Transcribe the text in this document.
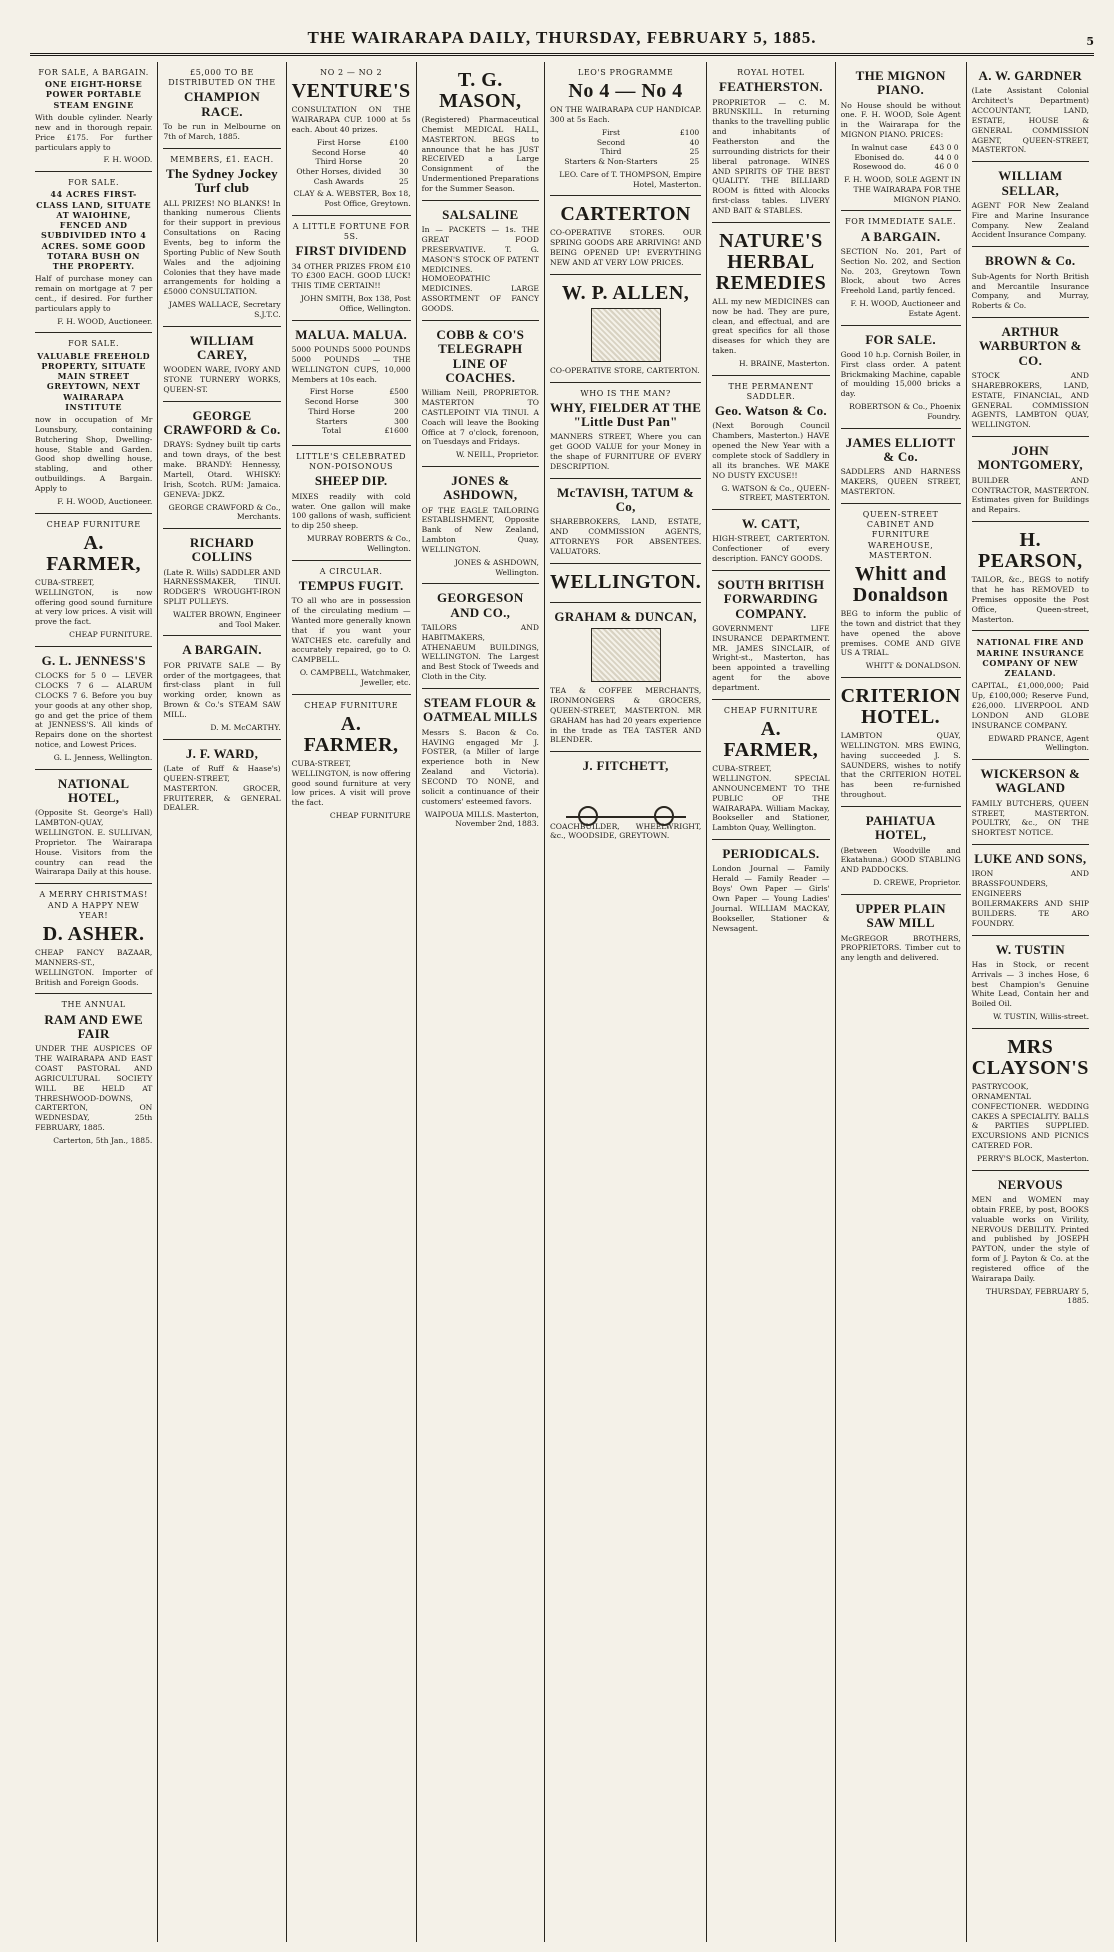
THE WAIRARAPA DAILY, THURSDAY, FEBRUARY 5, 1885.	5
FOR SALE, A BARGAIN.
ONE EIGHT-HORSE POWER PORTABLE STEAM ENGINE
With double cylinder. Nearly new and in thorough repair. Price £175. For further particulars apply to
F. H. WOOD.
FOR SALE.
44 ACRES FIRST-CLASS LAND, SITUATE AT WAIOHINE, FENCED AND SUBDIVIDED INTO 4 ACRES. SOME GOOD TOTARA BUSH ON THE PROPERTY.
Half of purchase money can remain on mortgage at 7 per cent., if desired. For further particulars apply to
F. H. WOOD, Auctioneer.
FOR SALE.
VALUABLE FREEHOLD PROPERTY, SITUATE MAIN STREET GREYTOWN, NEXT WAIRARAPA INSTITUTE
now in occupation of Mr Lounsbury, containing Butchering Shop, Dwelling-house, Stable and Garden. Good shop dwelling house, stabling, and other outbuildings. A Bargain. Apply to
F. H. WOOD, Auctioneer.
CHEAP FURNITURE
A. FARMER,
CUBA-STREET, WELLINGTON, is now offering good sound furniture at very low prices. A visit will prove the fact.
CHEAP FURNITURE.
G. L. JENNESS'S
CLOCKS for 5 0 — LEVER CLOCKS 7 6 — ALARUM CLOCKS 7 6. Before you buy your goods at any other shop, go and get the price of them at JENNESS'S. All kinds of Repairs done on the shortest notice, and Lowest Prices.
G. L. Jenness, Wellington.
NATIONAL HOTEL,
(Opposite St. George's Hall) LAMBTON-QUAY, WELLINGTON. E. SULLIVAN, Proprietor. The Wairarapa House. Visitors from the country can read the Wairarapa Daily at this house.
A MERRY CHRISTMAS! AND A HAPPY NEW YEAR!
D. ASHER.
CHEAP FANCY BAZAAR, MANNERS-ST., WELLINGTON. Importer of British and Foreign Goods.
THE ANNUAL
RAM AND EWE FAIR
UNDER THE AUSPICES OF THE WAIRARAPA AND EAST COAST PASTORAL AND AGRICULTURAL SOCIETY WILL BE HELD AT THRESHWOOD-DOWNS, CARTERTON, ON WEDNESDAY, 25th FEBRUARY, 1885.
Carterton, 5th Jan., 1885.
£5,000 TO BE DISTRIBUTED ON THE
CHAMPION RACE.
To be run in Melbourne on 7th of March, 1885.
MEMBERS, £1. EACH.
The Sydney Jockey Turf club
ALL PRIZES! NO BLANKS! In thanking numerous Clients for their support in previous Consultations on Racing Events, beg to inform the Sporting Public of New South Wales and the adjoining Colonies that they have made arrangements for holding a £5000 CONSULTATION.
JAMES WALLACE, Secretary S.J.T.C.
WILLIAM CAREY,
WOODEN WARE, IVORY AND STONE TURNERY WORKS, QUEEN-ST.
GEORGE CRAWFORD & Co.
DRAYS: Sydney built tip carts and town drays, of the best make. BRANDY: Hennessy, Martell, Otard. WHISKY: Irish, Scotch. RUM: Jamaica. GENEVA: JDKZ.
GEORGE CRAWFORD & Co., Merchants.
RICHARD COLLINS
(Late R. Wills) SADDLER AND HARNESSMAKER, TINUI. RODGER'S WROUGHT-IRON SPLIT PULLEYS.
WALTER BROWN, Engineer and Tool Maker.
A BARGAIN.
FOR PRIVATE SALE — By order of the mortgagees, that first-class plant in full working order, known as Brown & Co.'s STEAM SAW MILL.
D. M. McCARTHY.
J. F. WARD,
(Late of Ruff & Haase's) QUEEN-STREET, MASTERTON. GROCER, FRUITERER, & GENERAL DEALER.
NO 2 — NO 2
VENTURE'S
CONSULTATION ON THE WAIRARAPA CUP. 1000 at 5s each. About 40 prizes.
First Horse	£100
Second Horse	40
Third Horse	20
Other Horses, divided	30
Cash Awards	25
CLAY & A. WEBSTER, Box 18, Post Office, Greytown.
A LITTLE FORTUNE FOR 5S.
FIRST DIVIDEND
34 OTHER PRIZES FROM £10 TO £300 EACH. GOOD LUCK! THIS TIME CERTAIN!!
JOHN SMITH, Box 138, Post Office, Wellington.
MALUA. MALUA.
5000 POUNDS 5000 POUNDS 5000 POUNDS — THE WELLINGTON CUPS, 10,000 Members at 10s each.
First Horse	£500
Second Horse	300
Third Horse	200
Starters	300
Total	£1600
LITTLE'S CELEBRATED NON-POISONOUS
SHEEP DIP.
MIXES readily with cold water. One gallon will make 100 gallons of wash, sufficient to dip 250 sheep.
MURRAY ROBERTS & Co., Wellington.
A CIRCULAR.
TEMPUS FUGIT.
TO all who are in possession of the circulating medium — Wanted more generally known that if you want your WATCHES etc. carefully and accurately repaired, go to O. CAMPBELL.
O. CAMPBELL, Watchmaker, Jeweller, etc.
CHEAP FURNITURE
A. FARMER,
CUBA-STREET, WELLINGTON, is now offering good sound furniture at very low prices. A visit will prove the fact.
CHEAP FURNITURE
T. G. MASON,
(Registered) Pharmaceutical Chemist MEDICAL HALL, MASTERTON. BEGS to announce that he has JUST RECEIVED a Large Consignment of the Undermentioned Preparations for the Summer Season.
SALSALINE
In — PACKETS — 1s. THE GREAT FOOD PRESERVATIVE. T. G. MASON'S STOCK OF PATENT MEDICINES. HOMOEOPATHIC MEDICINES. LARGE ASSORTMENT OF FANCY GOODS.
COBB & CO'S TELEGRAPH LINE OF COACHES.
William Neill, PROPRIETOR. MASTERTON TO CASTLEPOINT VIA TINUI. A Coach will leave the Booking Office at 7 o'clock, forenoon, on Tuesdays and Fridays.
W. NEILL, Proprietor.
JONES & ASHDOWN,
OF THE EAGLE TAILORING ESTABLISHMENT, Opposite Bank of New Zealand, Lambton Quay, WELLINGTON.
JONES & ASHDOWN, Wellington.
GEORGESON AND CO.,
TAILORS AND HABITMAKERS, ATHENAEUM BUILDINGS, WELLINGTON. The Largest and Best Stock of Tweeds and Cloth in the City.
STEAM FLOUR & OATMEAL MILLS
Messrs S. Bacon & Co. HAVING engaged Mr J. FOSTER, (a Miller of large experience both in New Zealand and Victoria). SECOND TO NONE, and solicit a continuance of their customers' esteemed favors.
WAIPOUA MILLS. Masterton, November 2nd, 1883.
LEO'S PROGRAMME
No 4 — No 4
ON THE WAIRARAPA CUP HANDICAP. 300 at 5s Each.
First	£100
Second	40
Third	25
Starters & Non-Starters	25
LEO. Care of T. THOMPSON, Empire Hotel, Masterton.
CARTERTON
CO-OPERATIVE STORES. OUR SPRING GOODS ARE ARRIVING! AND BEING OPENED UP! EVERYTHING NEW AND AT VERY LOW PRICES.
W. P. ALLEN,
CO-OPERATIVE STORE, CARTERTON.
WHO IS THE MAN?
WHY, FIELDER AT THE "Little Dust Pan"
MANNERS STREET, Where you can get GOOD VALUE for your Money in the shape of FURNITURE OF EVERY DESCRIPTION.
McTAVISH, TATUM & Co,
SHAREBROKERS, LAND, ESTATE, AND COMMISSION AGENTS, ATTORNEYS FOR ABSENTEES. VALUATORS.
WELLINGTON.
GRAHAM & DUNCAN,
TEA & COFFEE MERCHANTS, IRONMONGERS & GROCERS, QUEEN-STREET, MASTERTON. MR GRAHAM has had 20 years experience in the trade as TEA TASTER AND BLENDER.
J. FITCHETT,
COACHBUILDER, WHEELWRIGHT, &c., WOODSIDE, GREYTOWN.
ROYAL HOTEL
FEATHERSTON.
PROPRIETOR — C. M. BRUNSKILL. In returning thanks to the travelling public and inhabitants of Featherston and the surrounding districts for their liberal patronage. WINES AND SPIRITS OF THE BEST QUALITY. THE BILLIARD ROOM is fitted with Alcocks first-class tables. LIVERY AND BAIT & STABLES.
NATURE'S HERBAL REMEDIES
ALL my new MEDICINES can now be had. They are pure, clean, and effectual, and are great specifics for all those diseases for which they are taken.
H. BRAINE, Masterton.
THE PERMANENT SADDLER.
Geo. Watson & Co.
(Next Borough Council Chambers, Masterton.) HAVE opened the New Year with a complete stock of Saddlery in all its branches. WE MAKE NO DUSTY EXCUSE!!
G. WATSON & Co., QUEEN-STREET, MASTERTON.
W. CATT,
HIGH-STREET, CARTERTON. Confectioner of every description. FANCY GOODS.
SOUTH BRITISH FORWARDING COMPANY.
GOVERNMENT LIFE INSURANCE DEPARTMENT. MR. JAMES SINCLAIR, of Wright-st., Masterton, has been appointed a travelling agent for the above department.
CHEAP FURNITURE
A. FARMER,
CUBA-STREET, WELLINGTON. SPECIAL ANNOUNCEMENT TO THE PUBLIC OF THE WAIRARAPA. William Mackay, Bookseller and Stationer, Lambton Quay, Wellington.
PERIODICALS.
London Journal — Family Herald — Family Reader — Boys' Own Paper — Girls' Own Paper — Young Ladies' Journal. WILLIAM MACKAY, Bookseller, Stationer & Newsagent.
THE MIGNON PIANO.
No House should be without one. F. H. WOOD, Sole Agent in the Wairarapa for the MIGNON PIANO. PRICES:
In walnut case	£43 0 0
Ebonised do.	44 0 0
Rosewood do.	46 0 0
F. H. WOOD, SOLE AGENT IN THE WAIRARAPA FOR THE MIGNON PIANO.
FOR IMMEDIATE SALE.
A BARGAIN.
SECTION No. 201, Part of Section No. 202, and Section No. 203, Greytown Town Block, about two Acres Freehold Land, partly fenced.
F. H. WOOD, Auctioneer and Estate Agent.
FOR SALE.
Good 10 h.p. Cornish Boiler, in First class order. A patent Brickmaking Machine, capable of moulding 15,000 bricks a day.
ROBERTSON & Co., Phoenix Foundry.
JAMES ELLIOTT & Co.
SADDLERS AND HARNESS MAKERS, QUEEN STREET, MASTERTON.
QUEEN-STREET CABINET AND FURNITURE WAREHOUSE, MASTERTON.
Whitt and Donaldson
BEG to inform the public of the town and district that they have opened the above premises. COME AND GIVE US A TRIAL.
WHITT & DONALDSON.
CRITERION HOTEL.
LAMBTON QUAY, WELLINGTON. MRS EWING, having succeeded J. S. SAUNDERS, wishes to notify that the CRITERION HOTEL has been re-furnished throughout.
PAHIATUA HOTEL,
(Between Woodville and Ekatahuna.) GOOD STABLING AND PADDOCKS.
D. CREWE, Proprietor.
UPPER PLAIN SAW MILL
McGREGOR BROTHERS, PROPRIETORS. Timber cut to any length and delivered.
A. W. GARDNER
(Late Assistant Colonial Architect's Department) ACCOUNTANT, LAND, ESTATE, HOUSE & GENERAL COMMISSION AGENT, QUEEN-STREET, MASTERTON.
WILLIAM SELLAR,
AGENT FOR New Zealand Fire and Marine Insurance Company. New Zealand Accident Insurance Company.
BROWN & Co.
Sub-Agents for North British and Mercantile Insurance Company, and Murray, Roberts & Co.
ARTHUR WARBURTON & CO.
STOCK AND SHAREBROKERS, LAND, ESTATE, FINANCIAL, AND GENERAL COMMISSION AGENTS, LAMBTON QUAY, WELLINGTON.
JOHN MONTGOMERY,
BUILDER AND CONTRACTOR, MASTERTON. Estimates given for Buildings and Repairs.
H. PEARSON,
TAILOR, &c., BEGS to notify that he has REMOVED to Premises opposite the Post Office, Queen-street, Masterton.
NATIONAL FIRE AND MARINE INSURANCE COMPANY OF NEW ZEALAND.
CAPITAL, £1,000,000; Paid Up, £100,000; Reserve Fund, £26,000. LIVERPOOL AND LONDON AND GLOBE INSURANCE COMPANY.
EDWARD PRANCE, Agent Wellington.
WICKERSON & WAGLAND
FAMILY BUTCHERS, QUEEN STREET, MASTERTON. POULTRY, &c., ON THE SHORTEST NOTICE.
LUKE AND SONS,
IRON AND BRASSFOUNDERS, ENGINEERS BOILERMAKERS AND SHIP BUILDERS. TE ARO FOUNDRY.
W. TUSTIN
Has in Stock, or recent Arrivals — 3 inches Hose, 6 best Champion's Genuine White Lead, Contain her and Boiled Oil.
W. TUSTIN, Willis-street.
MRS CLAYSON'S
PASTRYCOOK, ORNAMENTAL CONFECTIONER. WEDDING CAKES A SPECIALITY. BALLS & PARTIES SUPPLIED. EXCURSIONS AND PICNICS CATERED FOR.
PERRY'S BLOCK, Masterton.
NERVOUS
MEN and WOMEN may obtain FREE, by post, BOOKS valuable works on Virility, NERVOUS DEBILITY. Printed and published by JOSEPH PAYTON, under the style of form of J. Payton & Co. at the registered office of the Wairarapa Daily.
THURSDAY, FEBRUARY 5, 1885.
